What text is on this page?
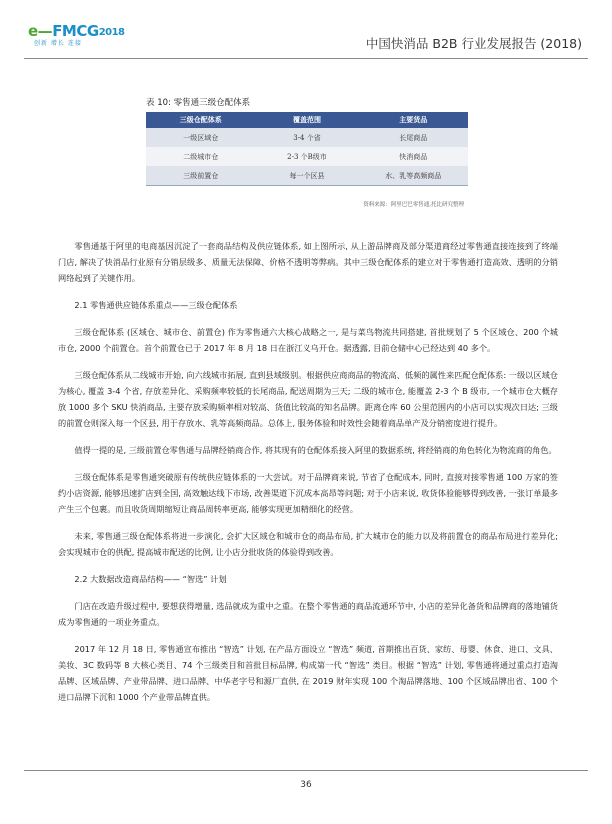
e—FMCG2018
创新 增长 连接	中国快消品 B2B 行业发展报告 (2018)
表 10: 零售通三级仓配体系
三级仓配体系	覆盖范围	主要货品
一级区域仓	3-4 个省	长尾商品
二级城市仓	2-3 个B级市	快消商品
三级前置仓	每一个区县	水、乳等高频商品
资料来源：阿里巴巴零售通,托比研究整理

零售通基于阿里的电商基因沉淀了一套商品结构及供应链体系, 如上图所示, 从上游品牌商及部分渠道商经过零售通直接连接到了终端门店, 解决了快消品行业原有分销层级多、质量无法保障、价格不透明等弊病。其中三级仓配体系的建立对于零售通打造高效、透明的分销网络起到了关键作用。

2.1 零售通供应链体系重点——三级仓配体系

三级仓配体系 (区域仓、城市仓、前置仓) 作为零售通六大核心战略之一, 是与菜鸟物流共同搭建, 首批规划了 5 个区域仓、200 个城市仓, 2000 个前置仓。首个前置仓已于 2017 年 8 月 18 日在浙江义乌开仓。据透露, 目前仓储中心已经达到 40 多个。

三级仓配体系从二线城市开始, 向六线城市拓展, 直到县域级别。根据供应商商品的物流高、低频的属性来匹配仓配体系: 一级以区域仓为核心, 覆盖 3-4 个省, 存放差异化、采购频率较低的长尾商品, 配送周期为三天; 二级的城市仓, 能覆盖 2-3 个 B 级市, 一个城市仓大概存放 1000 多个 SKU 快消商品, 主要存放采购频率相对较高、货值比较高的知名品牌。距离仓库 60 公里范围内的小店可以实现次日达; 三级的前置仓则深入每一个区县, 用于存放水、乳等高频商品。总体上, 服务体验和时效性会随着商品单产及分销密度进行提升。

值得一提的是, 三级前置仓零售通与品牌经销商合作, 将其现有的仓配体系接入阿里的数据系统, 将经销商的角色转化为物流商的角色。

三级仓配体系是零售通突破原有传统供应链体系的一大尝试。对于品牌商来说, 节省了仓配成本, 同时, 直接对接零售通 100 万家的签约小店资源, 能够迅速扩店到全国, 高效触达线下市场, 改善渠道下沉成本高昂等问题; 对于小店来说, 收货体验能够得到改善, 一张订单最多产生三个包裹。而且收货周期缩短让商品周转率更高, 能够实现更加精细化的经营。

未来, 零售通三级仓配体系将进一步演化, 会扩大区域仓和城市仓的商品布局, 扩大城市仓的能力以及将前置仓的商品布局进行差异化; 会实现城市仓的供配, 提高城市配送的比例, 让小店分批收货的体验得到改善。

2.2 大数据改造商品结构—— “智选” 计划

门店在改造升级过程中, 要想获得增量, 选品就成为重中之重。在整个零售通的商品流通环节中, 小店的差异化备货和品牌商的落地铺货成为零售通的一项业务重点。

2017 年 12 月 18 日, 零售通宣布推出 “智选” 计划, 在产品方面设立 “智选” 频道, 首期推出百货、家纺、母婴、休食、进口、文具、美妆、3C 数码等 8 大核心类目、74 个三级类目和首批目标品牌, 构成第一代 “智选” 类目。根据 “智选” 计划, 零售通将通过重点打造淘品牌、区域品牌、产业带品牌、进口品牌、中华老字号和源厂直供, 在 2019 财年实现 100 个淘品牌落地、100 个区域品牌出省、100 个进口品牌下沉和 1000 个产业带品牌直供。

36
